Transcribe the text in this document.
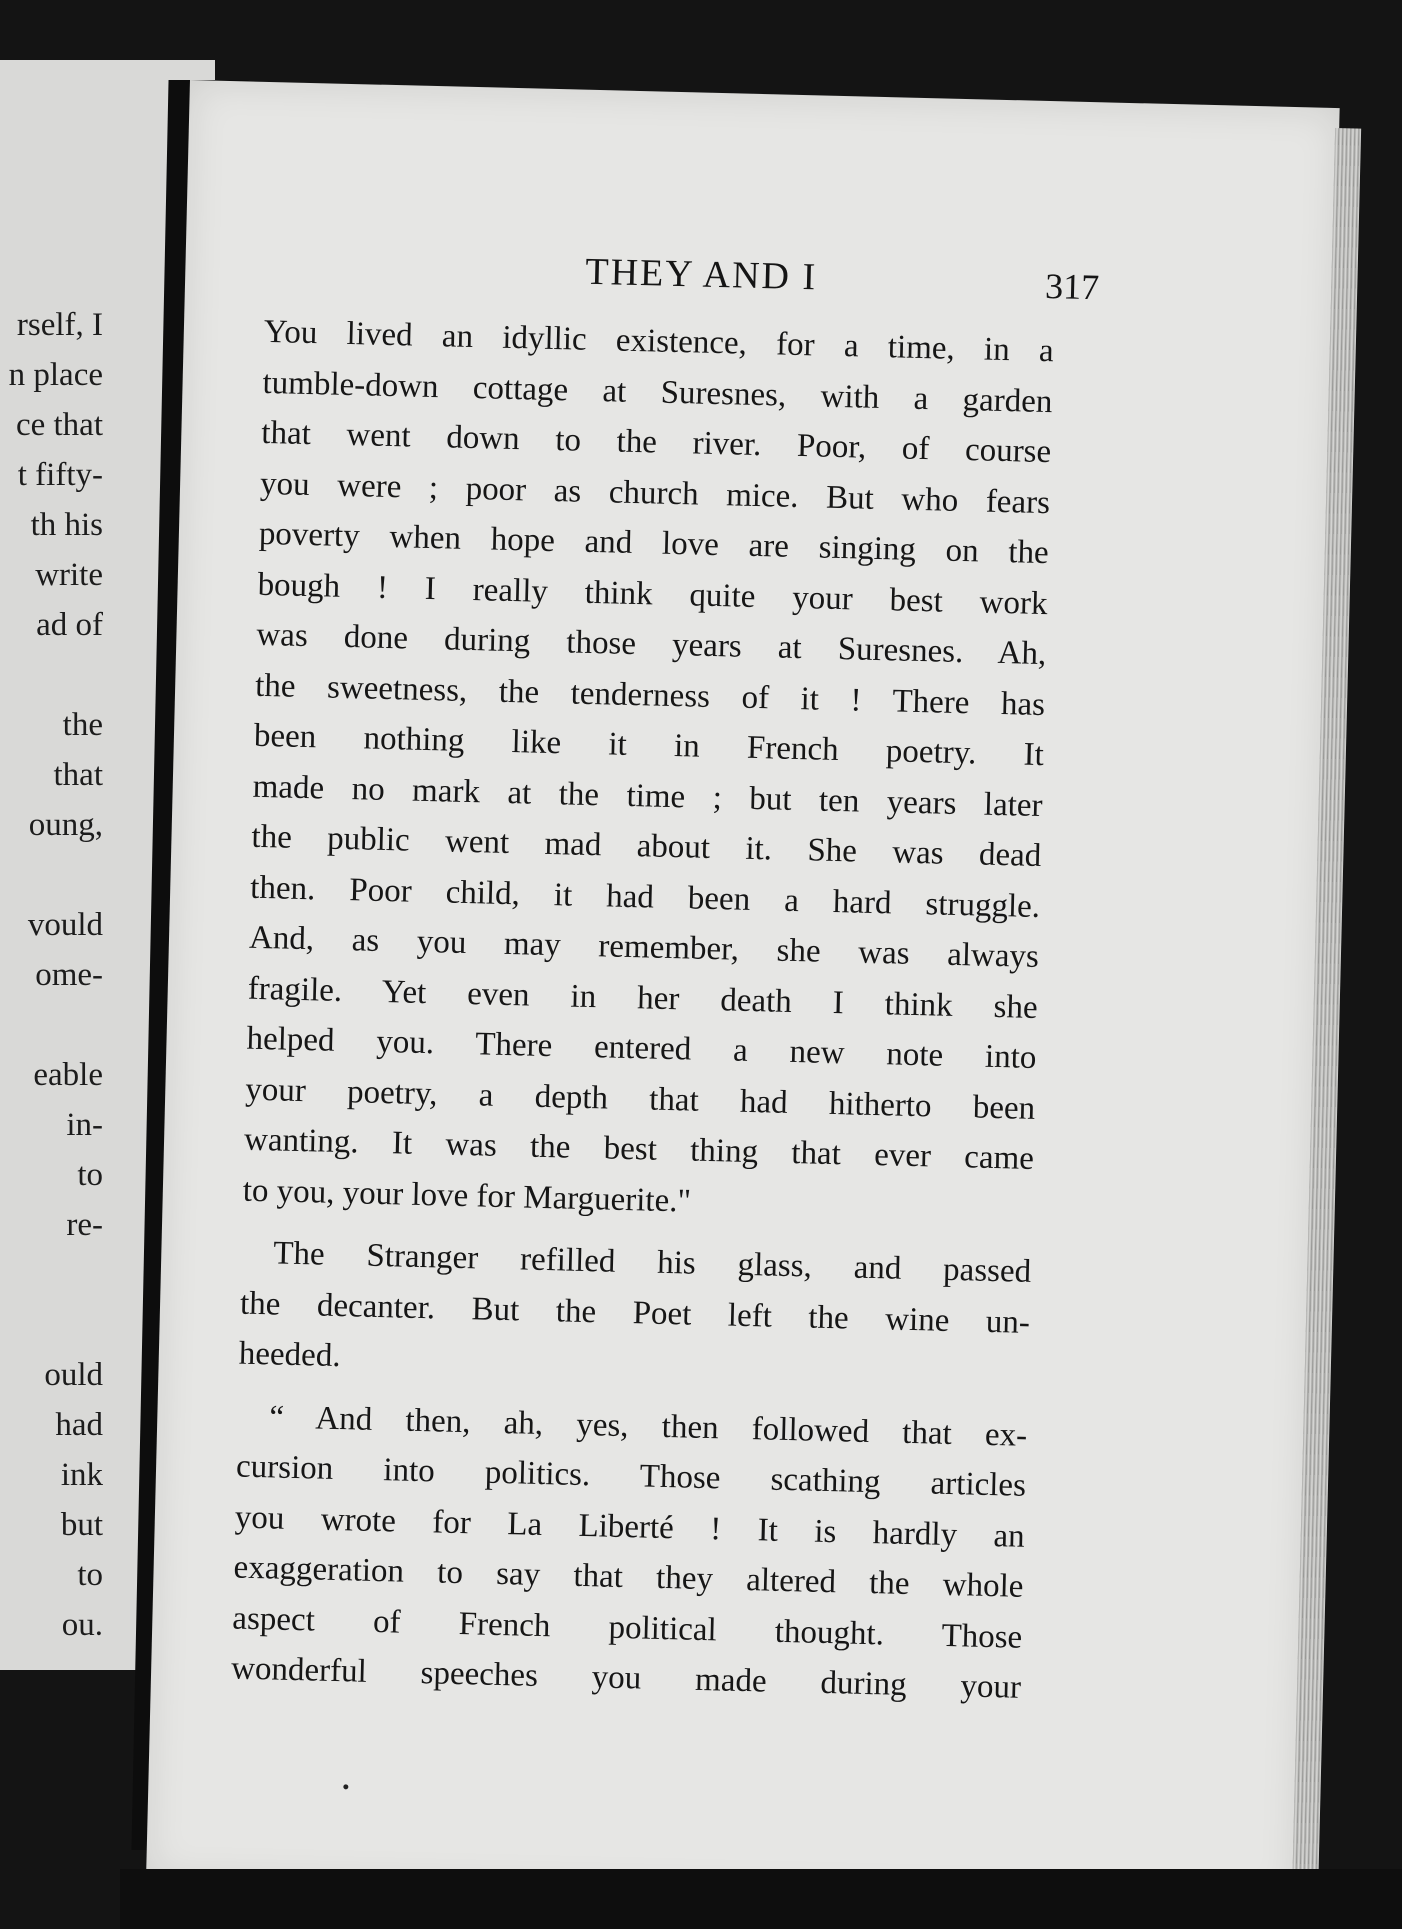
rself, I
n place
ce that
t fifty-
th his
write
ad of
the
that
oung,
vould
ome-
eable
in-
to
re-
ould
had
ink
but
to
ou.
THEY AND I	317
You lived an idyllic existence, for a time, in a
tumble-down cottage at Suresnes, with a garden
that went down to the river. Poor, of course
you were ; poor as church mice. But who fears
poverty when hope and love are singing on the
bough ! I really think quite your best work
was done during those years at Suresnes. Ah,
the sweetness, the tenderness of it ! There has
been nothing like it in French poetry. It
made no mark at the time ; but ten years later
the public went mad about it. She was dead
then. Poor child, it had been a hard struggle.
And, as you may remember, she was always
fragile. Yet even in her death I think she
helped you. There entered a new note into
your poetry, a depth that had hitherto been
wanting. It was the best thing that ever came
to you, your love for Marguerite."
The Stranger refilled his glass, and passed
the decanter. But the Poet left the wine un-
heeded.
“ And then, ah, yes, then followed that ex-
cursion into politics. Those scathing articles
you wrote for La Liberté ! It is hardly an
exaggeration to say that they altered the whole
aspect of French political thought. Those
wonderful speeches you made during your
